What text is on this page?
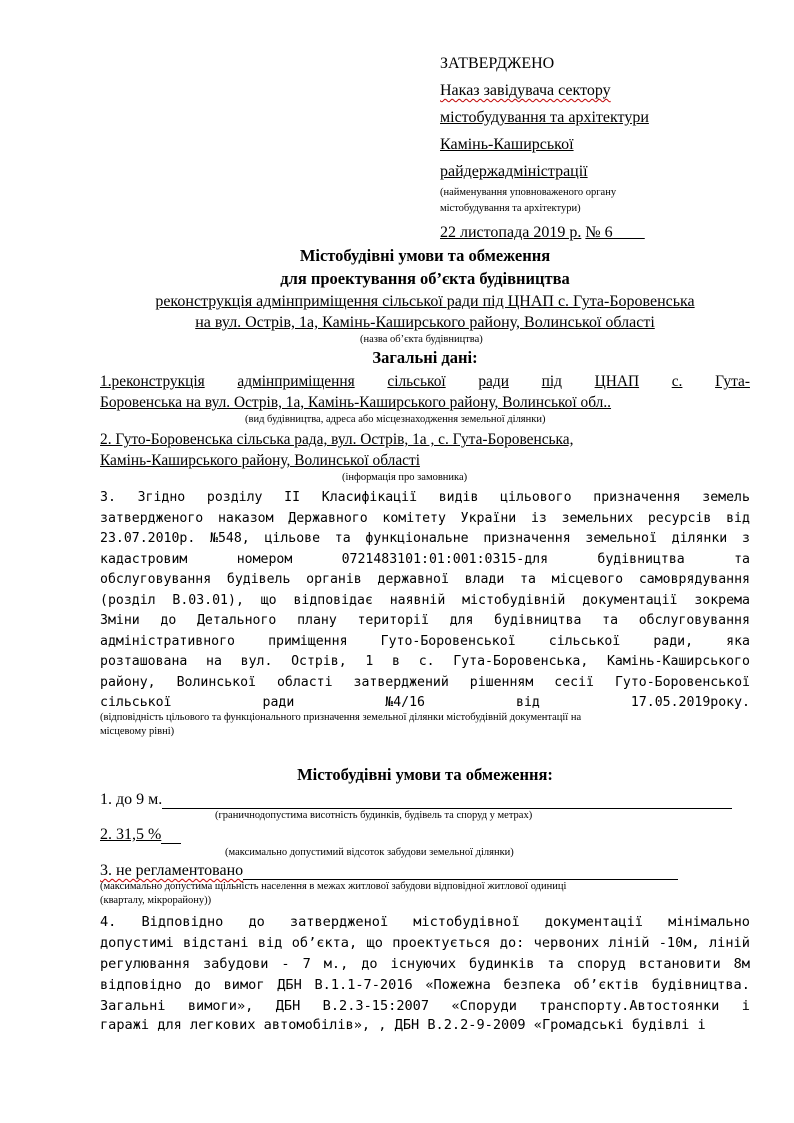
ЗАТВЕРДЖЕНО
Наказ завідувача сектору
містобудування та архітектури
Камінь-Каширської
райдержадміністрації
(найменування уповноваженого органу
містобудування та архітектури)
22 листопада 2019 р. № 6____
Містобудівні умови та обмеження
для проектування об’єкта будівництва
реконструкція адмінприміщення сільської ради під ЦНАП с. Гута-Боровенська
на вул. Острів, 1а, Камінь-Каширського району, Волинської області
(назва об’єкта будівництва)
Загальні дані:
1.реконструкція адмінприміщення сільської ради під ЦНАП с. Гута-
Боровенська на вул. Острів, 1а, Камінь-Каширського району, Волинської обл..
(вид будівництва, адреса або місцезнаходження земельної ділянки)
2. Гуто-Боровенська сільська рада, вул. Острів, 1а , с. Гута-Боровенська,
Камінь-Каширського району, Волинської області
(інформація про замовника)
3. Згідно розділу II Класифікації видів цільового призначення земель
затвердженого наказом Державного комітету України із земельних ресурсів від
23.07.2010р. №548, цільове та функціональне призначення земельної ділянки з
кадастровим	номером	0721483101:01:001:0315-для	будівництва	та
обслуговування будівель органів державної влади та місцевого самоврядування
(розділ В.03.01), що відповідає наявній містобудівній документації зокрема
Зміни до Детального плану території для будівництва та обслуговування
адміністративного	приміщення	Гуто-Боровенської	сільської	ради,	яка
розташована на вул. Острів, 1 в с. Гута-Боровенська, Камінь-Каширського
району, Волинської області затверджений рішенням сесії Гуто-Боровенської
сільської	ради	№4/16	від	17.05.2019року.
(відповідність цільового та функціонального призначення земельної ділянки містобудівній документації на
місцевому рівні)
Містобудівні умови та обмеження:
1. до 9 м.
(граничнодопустима висотність будинків, будівель та споруд у метрах)
2. 31,5 %
(максимально допустимий відсоток забудови земельної ділянки)
3. не регламентовано
(максимально допустима щільність населення в межах житлової забудови відповідної житлової одиниці
(кварталу, мікрорайону))
4. Відповідно до затвердженої містобудівної документації мінімально
допустимі відстані від об’єкта, що проектується до: червоних ліній -10м, ліній
регулювання забудови - 7 м., до існуючих будинків та споруд встановити 8м
відповідно до вимог ДБН В.1.1-7-2016 «Пожежна безпека об’єктів будівництва.
Загальні вимоги», ДБН В.2.3-15:2007 «Споруди транспорту.Автостоянки і
гаражі для легкових автомобілів», , ДБН В.2.2-9-2009 «Громадські будівлі і
